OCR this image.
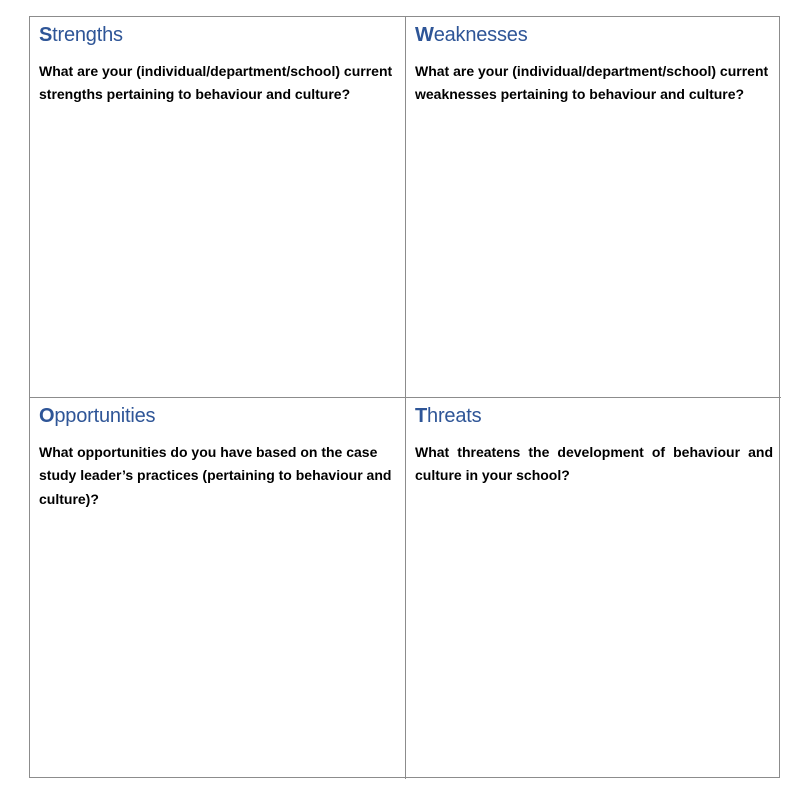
Strengths

What are your (individual/department/school) current strengths pertaining to behaviour and culture?

Weaknesses

What are your (individual/department/school) current weaknesses pertaining to behaviour and culture?

Opportunities

What opportunities do you have based on the case study leader’s practices (pertaining to behaviour and culture)?

Threats

What threatens the development of behaviour and culture in your school?
